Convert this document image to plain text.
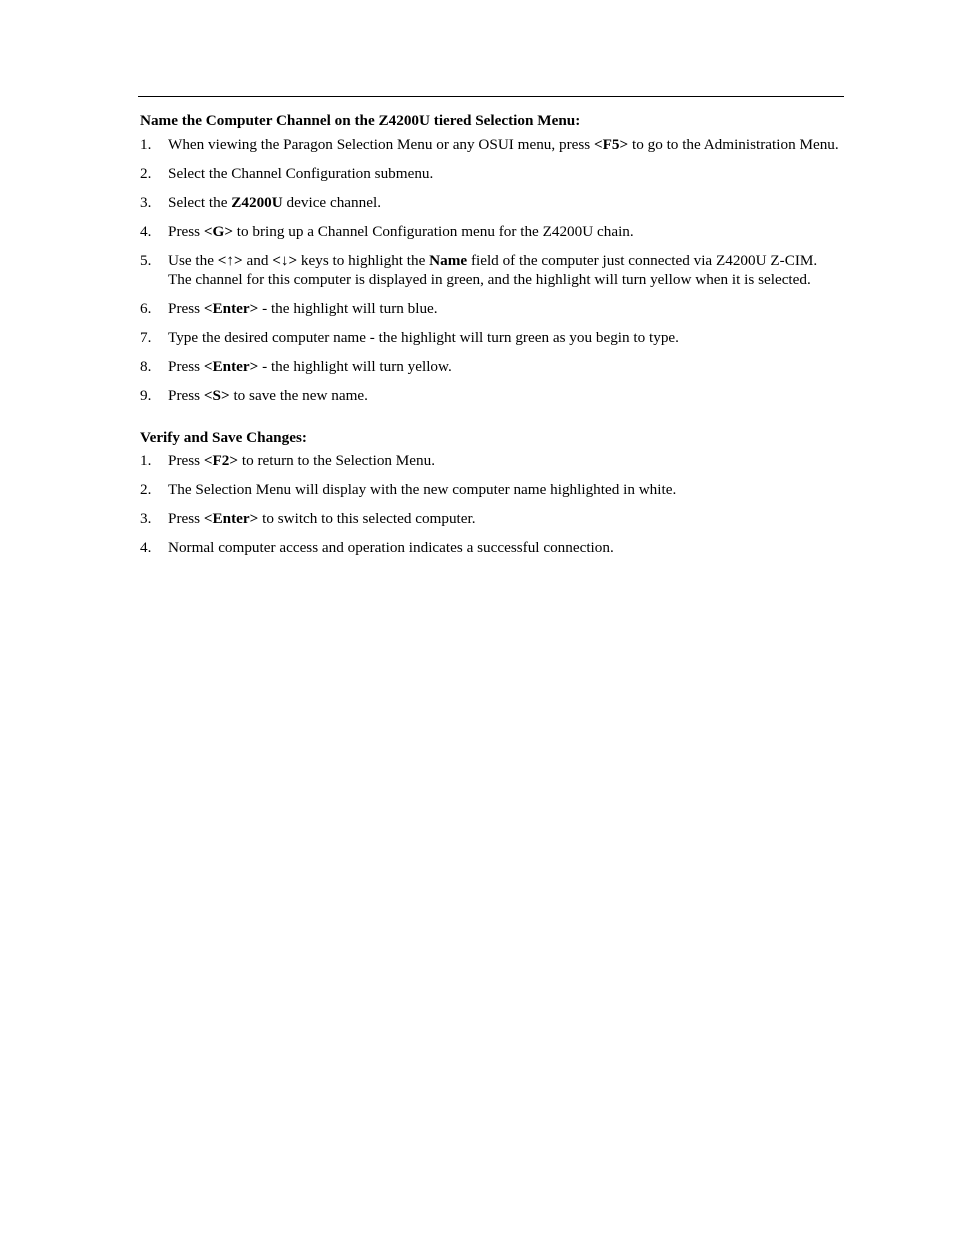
Name the Computer Channel on the Z4200U tiered Selection Menu:
1. When viewing the Paragon Selection Menu or any OSUI menu, press <F5> to go to the Administration Menu.
2. Select the Channel Configuration submenu.
3. Select the Z4200U device channel.
4. Press <G> to bring up a Channel Configuration menu for the Z4200U chain.
5. Use the <↑> and <↓> keys to highlight the Name field of the computer just connected via Z4200U Z-CIM. The channel for this computer is displayed in green, and the highlight will turn yellow when it is selected.
6. Press <Enter> - the highlight will turn blue.
7. Type the desired computer name - the highlight will turn green as you begin to type.
8. Press <Enter> - the highlight will turn yellow.
9. Press <S> to save the new name.
Verify and Save Changes:
1. Press <F2> to return to the Selection Menu.
2. The Selection Menu will display with the new computer name highlighted in white.
3. Press <Enter> to switch to this selected computer.
4. Normal computer access and operation indicates a successful connection.
